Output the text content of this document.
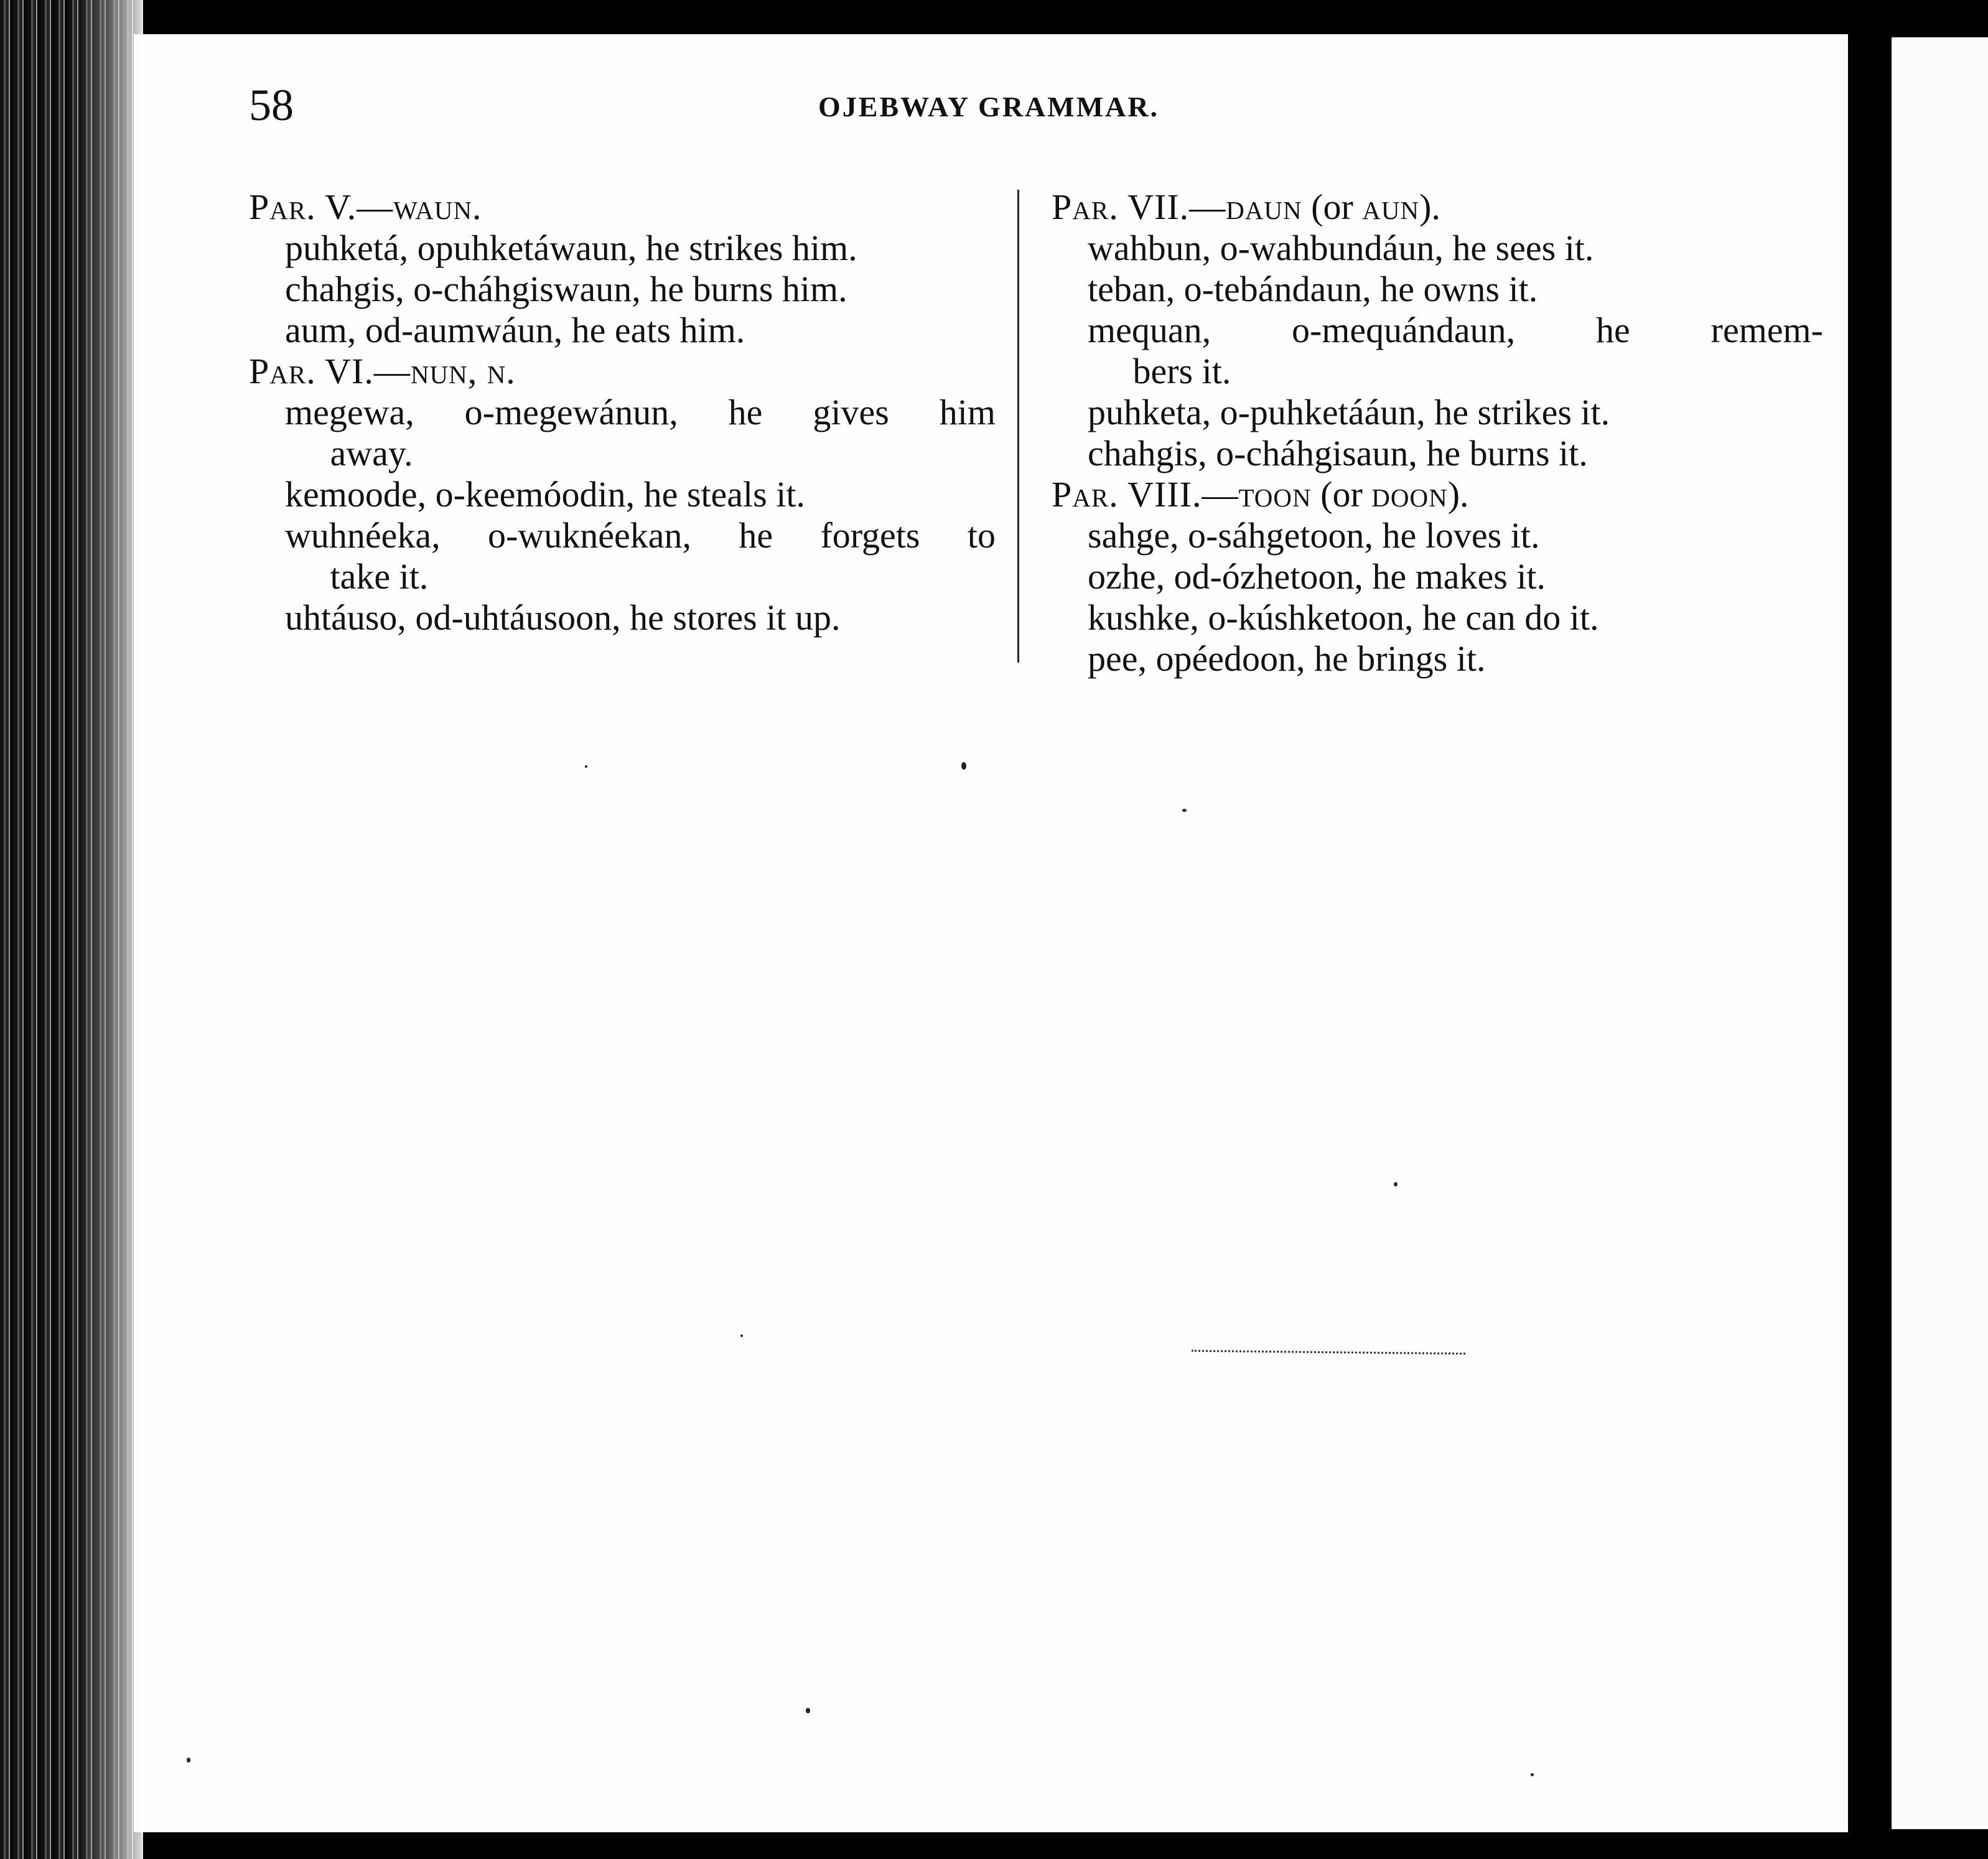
58	OJEBWAY GRAMMAR.
Par. V.—waun.
puhketá, opuhketáwaun, he strikes him.
chahgis, o-cháhgiswaun, he burns him.
aum, od-aumwáun, he eats him.
Par. VI.—nun, n.
megewa, o-megewánun, he gives him
away.
kemoode, o-keemóodin, he steals it.
wuhnéeka, o-wuknéekan, he forgets to
take it.
uhtáuso, od-uhtáusoon, he stores it up.
Par. VII.—daun (or aun).
wahbun, o-wahbundáun, he sees it.
teban, o-tebándaun, he owns it.
mequan, o-mequándaun, he remem-
bers it.
puhketa, o-puhketááun, he strikes it.
chahgis, o-cháhgisaun, he burns it.
Par. VIII.—toon (or doon).
sahge, o-sáhgetoon, he loves it.
ozhe, od-ózhetoon, he makes it.
kushke, o-kúshketoon, he can do it.
pee, opéedoon, he brings it.
